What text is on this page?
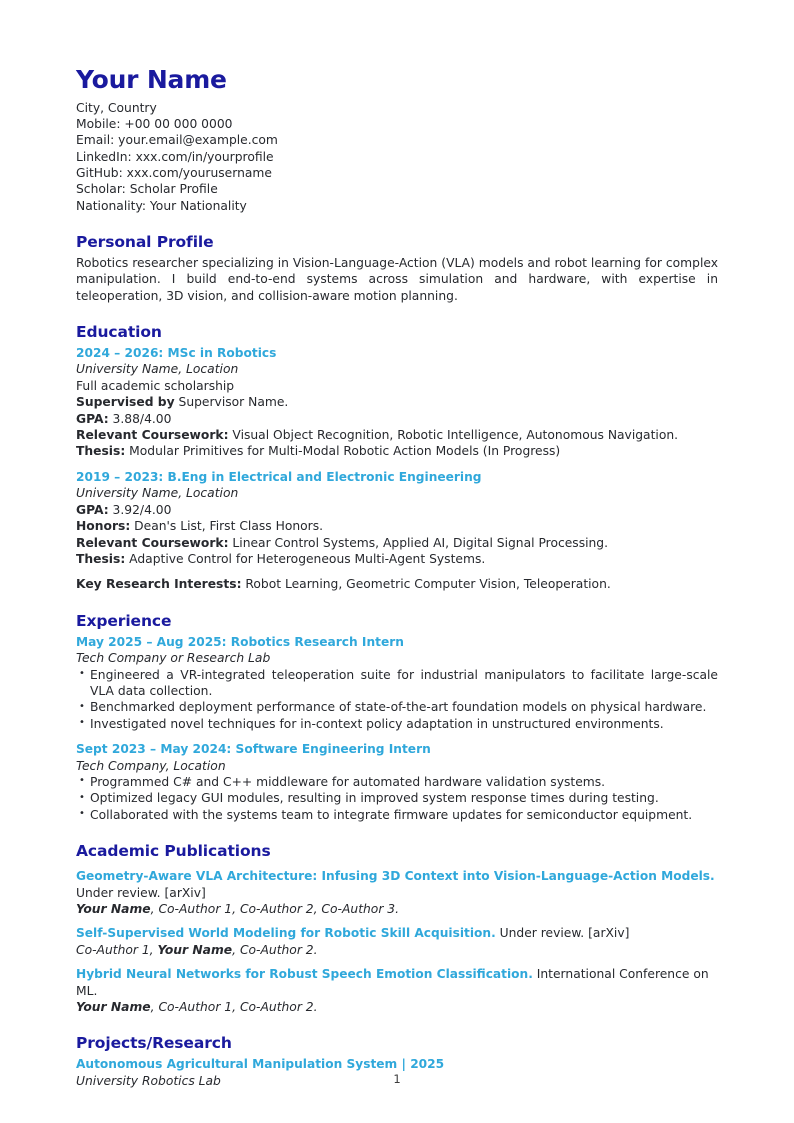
Your Name
City, Country
Mobile: +00 00 000 0000
Email: your.email@example.com
LinkedIn: xxx.com/in/yourprofile
GitHub: xxx.com/yourusername
Scholar: Scholar Profile
Nationality: Your Nationality
Personal Profile
Robotics researcher specializing in Vision-Language-Action (VLA) models and robot learning for complex manipulation. I build end-to-end systems across simulation and hardware, with expertise in teleoperation, 3D vision, and collision-aware motion planning.
Education
2024 – 2026: MSc in Robotics
University Name, Location
Full academic scholarship
Supervised by Supervisor Name.
GPA: 3.88/4.00
Relevant Coursework: Visual Object Recognition, Robotic Intelligence, Autonomous Navigation.
Thesis: Modular Primitives for Multi-Modal Robotic Action Models (In Progress)
2019 – 2023: B.Eng in Electrical and Electronic Engineering
University Name, Location
GPA: 3.92/4.00
Honors: Dean's List, First Class Honors.
Relevant Coursework: Linear Control Systems, Applied AI, Digital Signal Processing.
Thesis: Adaptive Control for Heterogeneous Multi-Agent Systems.
Key Research Interests: Robot Learning, Geometric Computer Vision, Teleoperation.
Experience
May 2025 – Aug 2025: Robotics Research Intern
Tech Company or Research Lab
• Engineered a VR-integrated teleoperation suite for industrial manipulators to facilitate large-scale VLA data collection.
• Benchmarked deployment performance of state-of-the-art foundation models on physical hardware.
• Investigated novel techniques for in-context policy adaptation in unstructured environments.
Sept 2023 – May 2024: Software Engineering Intern
Tech Company, Location
• Programmed C# and C++ middleware for automated hardware validation systems.
• Optimized legacy GUI modules, resulting in improved system response times during testing.
• Collaborated with the systems team to integrate firmware updates for semiconductor equipment.
Academic Publications
Geometry-Aware VLA Architecture: Infusing 3D Context into Vision-Language-Action Models. Under review. [arXiv]
Your Name, Co-Author 1, Co-Author 2, Co-Author 3.
Self-Supervised World Modeling for Robotic Skill Acquisition. Under review. [arXiv]
Co-Author 1, Your Name, Co-Author 2.
Hybrid Neural Networks for Robust Speech Emotion Classification. International Conference on ML.
Your Name, Co-Author 1, Co-Author 2.
Projects/Research
Autonomous Agricultural Manipulation System | 2025
University Robotics Lab	1
